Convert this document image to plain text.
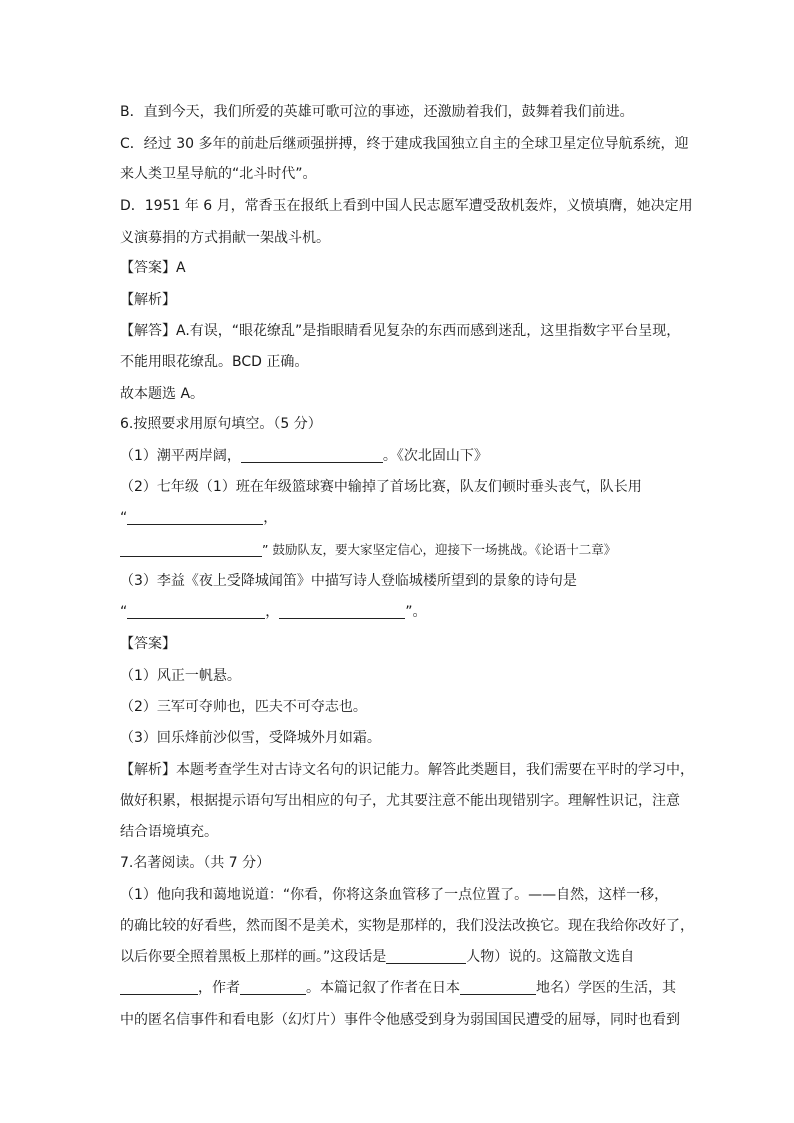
B．直到今天，我们所爱的英雄可歌可泣的事迹，还激励着我们，鼓舞着我们前进。
C．经过 30 多年的前赴后继顽强拼搏，终于建成我国独立自主的全球卫星定位导航系统，迎
来人类卫星导航的“北斗时代”。
D．1951 年 6 月，常香玉在报纸上看到中国人民志愿军遭受敌机轰炸，义愤填膺，她决定用
义演募捐的方式捐献一架战斗机。
【答案】A
【解析】
【解答】A.有误，“眼花缭乱”是指眼睛看见复杂的东西而感到迷乱，这里指数字平台呈现，
不能用眼花缭乱。BCD 正确。
故本题选 A。
6.按照要求用原句填空。（5 分）
（1）潮平两岸阔，	。《次北固山下》
（2）七年级（1）班在年级篮球赛中输掉了首场比赛，队友们顿时垂头丧气，队长用
“	，
” 鼓励队友，要大家坚定信心，迎接下一场挑战。《论语十二章》
（3）李益《夜上受降城闻笛》中描写诗人登临城楼所望到的景象的诗句是
“	，	”。
【答案】
（1）风正一帆悬。
（2）三军可夺帅也，匹夫不可夺志也。
（3）回乐烽前沙似雪，受降城外月如霜。
【解析】本题考查学生对古诗文名句的识记能力。解答此类题目，我们需要在平时的学习中，
做好积累，根据提示语句写出相应的句子，尤其要注意不能出现错别字。理解性识记，注意
结合语境填充。
7.名著阅读。（共 7 分）
（1）他向我和蔼地说道：“你看，你将这条血管移了一点位置了。——自然，这样一移，
的确比较的好看些，然而图不是美术，实物是那样的，我们没法改换它。现在我给你改好了，
以后你要全照着黑板上那样的画。”这段话是	人物）说的。这篇散文选自
，作者	。本篇记叙了作者在日本	地名）学医的生活，其
中的匿名信事件和看电影（幻灯片）事件令他感受到身为弱国国民遭受的屈辱，同时也看到
